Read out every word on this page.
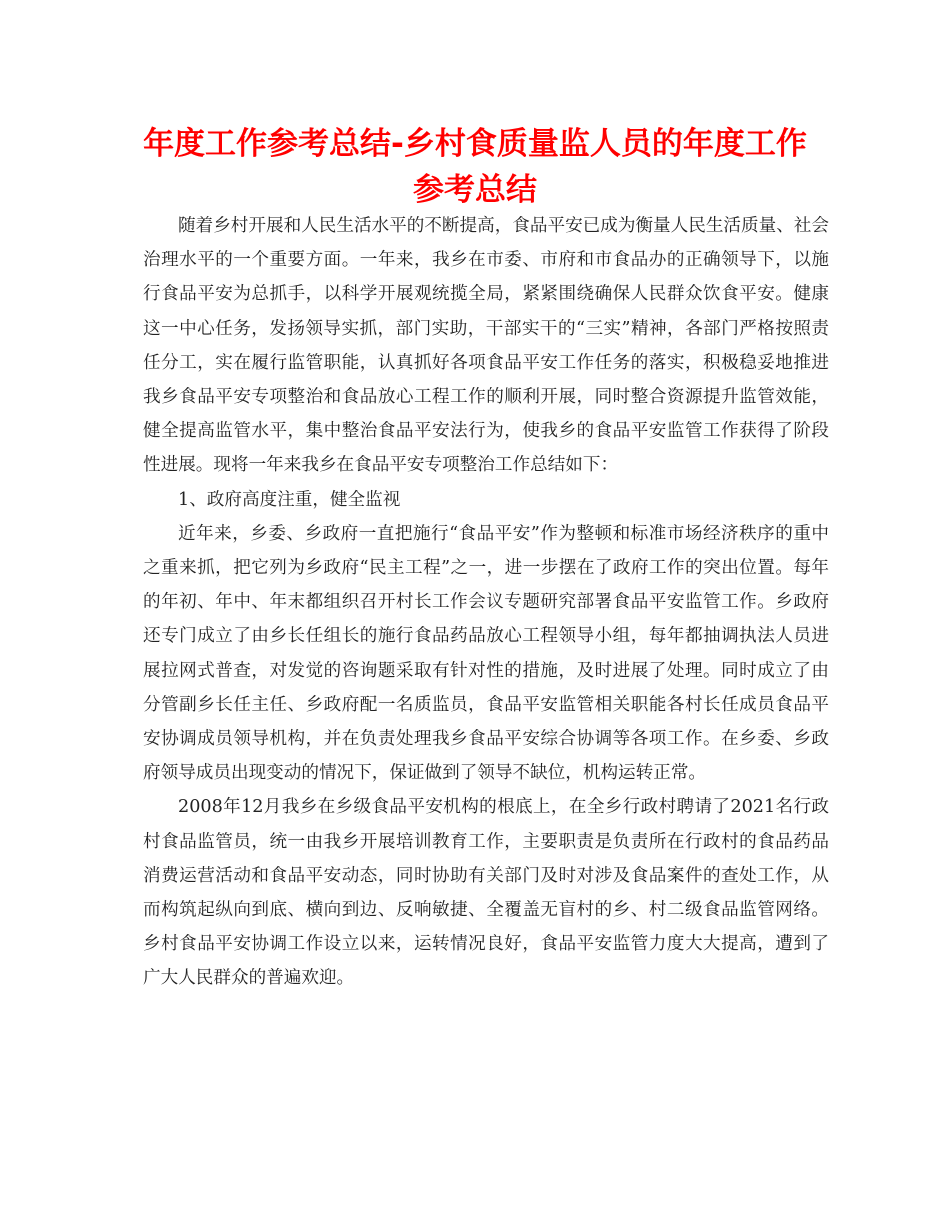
年度工作参考总结-乡村食质量监人员的年度工作
参考总结

随着乡村开展和人民生活水平的不断提高，食品平安已成为衡量人民生活质量、社会治理水平的一个重要方面。一年来，我乡在市委、市府和市食品办的正确领导下，以施行食品平安为总抓手，以科学开展观统揽全局，紧紧围绕确保人民群众饮食平安。健康这一中心任务，发扬领导实抓，部门实助，干部实干的“三实”精神，各部门严格按照责任分工，实在履行监管职能，认真抓好各项食品平安工作任务的落实，积极稳妥地推进我乡食品平安专项整治和食品放心工程工作的顺利开展，同时整合资源提升监管效能，健全提高监管水平，集中整治食品平安法行为，使我乡的食品平安监管工作获得了阶段性进展。现将一年来我乡在食品平安专项整治工作总结如下：

1、政府高度注重，健全监视

近年来，乡委、乡政府一直把施行“食品平安”作为整顿和标准市场经济秩序的重中之重来抓，把它列为乡政府“民主工程”之一，进一步摆在了政府工作的突出位置。每年的年初、年中、年末都组织召开村长工作会议专题研究部署食品平安监管工作。乡政府还专门成立了由乡长任组长的施行食品药品放心工程领导小组，每年都抽调执法人员进展拉网式普查，对发觉的咨询题采取有针对性的措施，及时进展了处理。同时成立了由分管副乡长任主任、乡政府配一名质监员，食品平安监管相关职能各村长任成员食品平安协调成员领导机构，并在负责处理我乡食品平安综合协调等各项工作。在乡委、乡政府领导成员出现变动的情况下，保证做到了领导不缺位，机构运转正常。

2008年12月我乡在乡级食品平安机构的根底上，在全乡行政村聘请了2021名行政村食品监管员，统一由我乡开展培训教育工作，主要职责是负责所在行政村的食品药品消费运营活动和食品平安动态，同时协助有关部门及时对涉及食品案件的查处工作，从而构筑起纵向到底、横向到边、反响敏捷、全覆盖无盲村的乡、村二级食品监管网络。乡村食品平安协调工作设立以来，运转情况良好，食品平安监管力度大大提高，遭到了广大人民群众的普遍欢迎。
